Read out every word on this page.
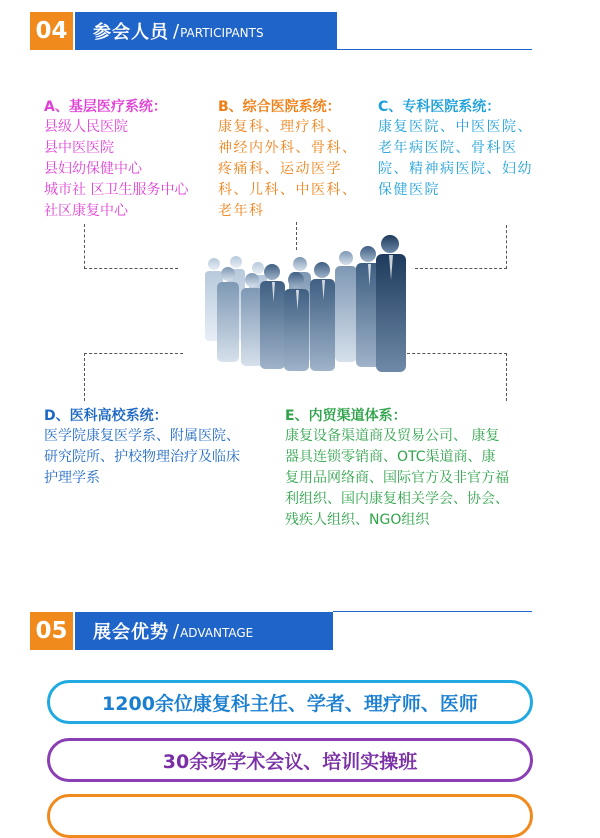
04	参会人员 / PARTICIPANTS
A、基层医疗系统：
县级人民医院
县中医医院
县妇幼保健中心
城市社 区卫生服务中心
社区康复中心
B、综合医院系统：
康复科、理疗科、
神经内外科、骨科、
疼痛科、运动医学
科、儿科、中医科、
老年科
C、专科医院系统：
康复医院、中医医院、
老年病医院、骨科医
院、精神病医院、妇幼
保健医院
D、医科高校系统：
医学院康复医学系、附属医院、
研究院所、护校物理治疗及临床
护理学系
E、内贸渠道体系：
康复设备渠道商及贸易公司、 康复
器具连锁零销商、OTC渠道商、康
复用品网络商、国际官方及非官方福
利组织、国内康复相关学会、协会、
残疾人组织、NGO组织
05	展会优势 / ADVANTAGE
1200余位康复科主任、学者、理疗师、医师
30余场学术会议、培训实操班
